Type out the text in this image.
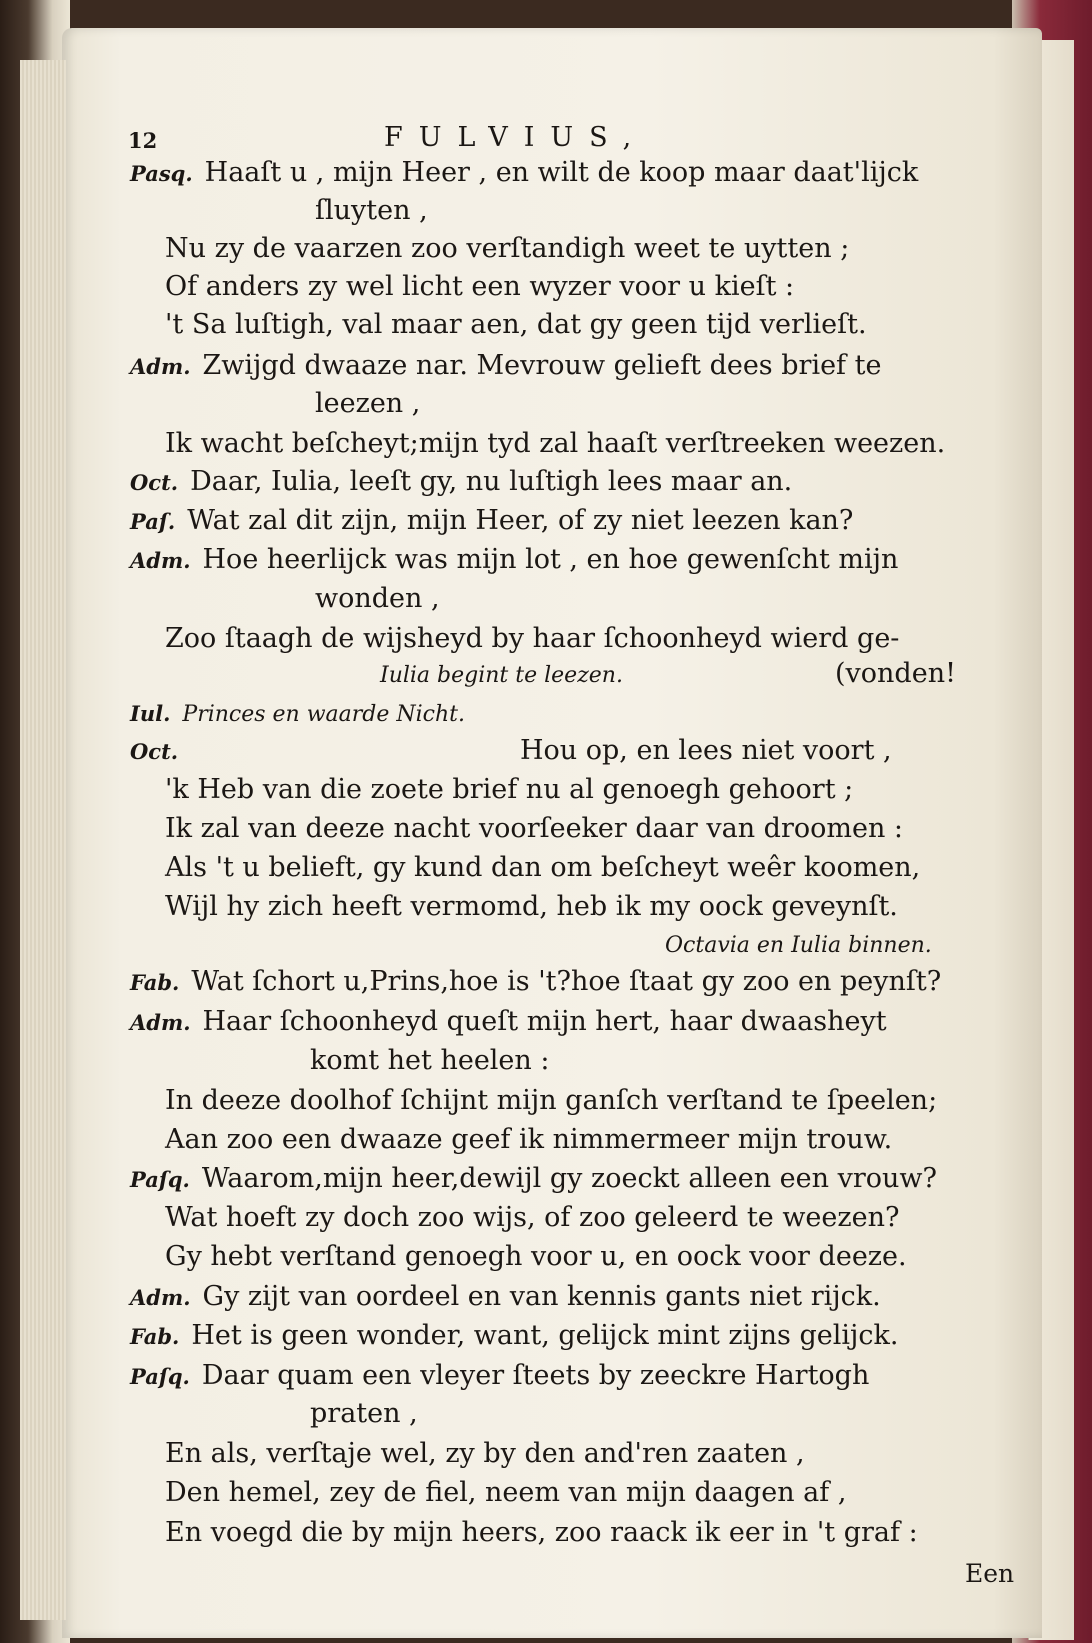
12	FULVIUS,
Pasq. Haaſt u , mijn Heer , en wilt de koop maar daat'lijck
ſluyten ,
Nu zy de vaarzen zoo verſtandigh weet te uytten ;
Of anders zy wel licht een wyzer voor u kieſt :
't Sa luſtigh, val maar aen, dat gy geen tijd verlieſt.
Adm. Zwijgd dwaaze nar. Mevrouw gelieft dees brief te
leezen ,
Ik wacht beſcheyt;mijn tyd zal haaſt verſtreeken weezen.
Oct. Daar, Iulia, leeſt gy, nu luſtigh lees maar an.
Paſ. Wat zal dit zijn, mijn Heer, of zy niet leezen kan?
Adm. Hoe heerlijck was mijn lot , en hoe gewenſcht mijn
wonden ,
Zoo ſtaagh de wijsheyd by haar ſchoonheyd wierd ge-
Iulia begint te leezen.	(vonden!
Iul. Princes en waarde Nicht.
Oct.	Hou op, en lees niet voort ,
'k Heb van die zoete brief nu al genoegh gehoort ;
Ik zal van deeze nacht voorſeeker daar van droomen :
Als 't u belieft, gy kund dan om beſcheyt weêr koomen,
Wijl hy zich heeft vermomd, heb ik my oock geveynſt.
Octavia en Iulia binnen.
Fab. Wat ſchort u,Prins,hoe is 't?hoe ſtaat gy zoo en peynſt?
Adm. Haar ſchoonheyd queſt mijn hert, haar dwaasheyt
komt het heelen :
In deeze doolhof ſchijnt mijn ganſch verſtand te ſpeelen;
Aan zoo een dwaaze geef ik nimmermeer mijn trouw.
Paſq. Waarom,mijn heer,dewijl gy zoeckt alleen een vrouw?
Wat hoeft zy doch zoo wijs, of zoo geleerd te weezen?
Gy hebt verſtand genoegh voor u, en oock voor deeze.
Adm. Gy zijt van oordeel en van kennis gants niet rijck.
Fab. Het is geen wonder, want, gelijck mint zijns gelijck.
Paſq. Daar quam een vleyer ſteets by zeeckre Hartogh
praten ,
En als, verſtaje wel, zy by den and'ren zaaten ,
Den hemel, zey de fiel, neem van mijn daagen af ,
En voegd die by mijn heers, zoo raack ik eer in 't graf :
Een
